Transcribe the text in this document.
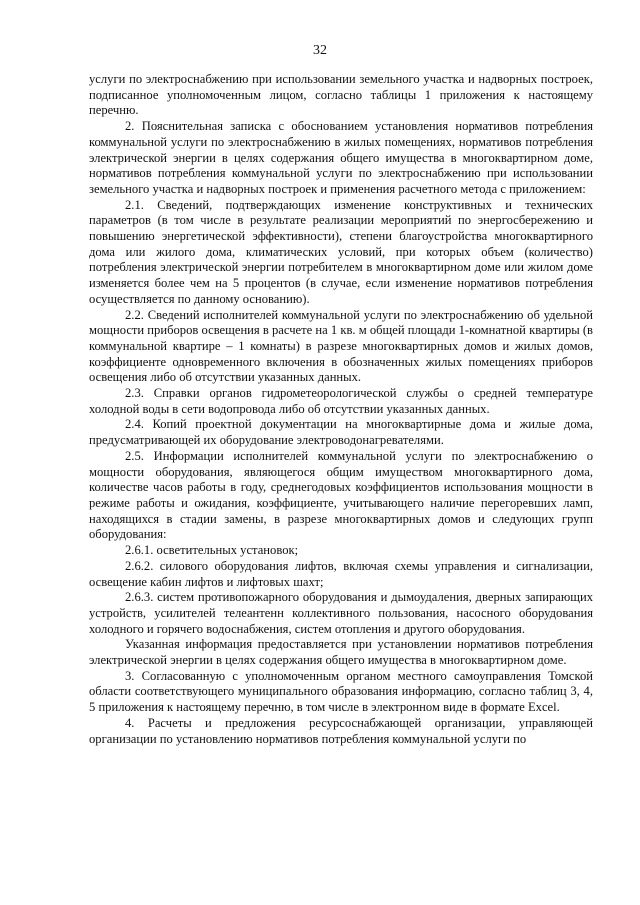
32

услуги по электроснабжению при использовании земельного участка и надворных построек, подписанное уполномоченным лицом, согласно таблицы 1 приложения к настоящему перечню.

2. Пояснительная записка с обоснованием установления нормативов потребления коммунальной услуги по электроснабжению в жилых помещениях, нормативов потребления электрической энергии в целях содержания общего имущества в многоквартирном доме, нормативов потребления коммунальной услуги по электроснабжению при использовании земельного участка и надворных построек и применения расчетного метода с приложением:

2.1. Сведений, подтверждающих изменение конструктивных и технических параметров (в том числе в результате реализации мероприятий по энергосбережению и повышению энергетической эффективности), степени благоустройства многоквартирного дома или жилого дома, климатических условий, при которых объем (количество) потребления электрической энергии потребителем в многоквартирном доме или жилом доме изменяется более чем на 5 процентов (в случае, если изменение нормативов потребления осуществляется по данному основанию).

2.2. Сведений исполнителей коммунальной услуги по электроснабжению об удельной мощности приборов освещения в расчете на 1 кв. м общей площади 1-комнатной квартиры (в коммунальной квартире – 1 комнаты) в разрезе многоквартирных домов и жилых домов, коэффициенте одновременного включения в обозначенных жилых помещениях приборов освещения либо об отсутствии указанных данных.

2.3. Справки органов гидрометеорологической службы о средней температуре холодной воды в сети водопровода либо об отсутствии указанных данных.

2.4. Копий проектной документации на многоквартирные дома и жилые дома, предусматривающей их оборудование электроводонагревателями.

2.5. Информации исполнителей коммунальной услуги по электроснабжению о мощности оборудования, являющегося общим имуществом многоквартирного дома, количестве часов работы в году, среднегодовых коэффициентов использования мощности в режиме работы и ожидания, коэффициенте, учитывающего наличие перегоревших ламп, находящихся в стадии замены, в разрезе многоквартирных домов и следующих групп оборудования:

2.6.1. осветительных установок;

2.6.2. силового оборудования лифтов, включая схемы управления и сигнализации, освещение кабин лифтов и лифтовых шахт;

2.6.3. систем противопожарного оборудования и дымоудаления, дверных запирающих устройств, усилителей телеантенн коллективного пользования, насосного оборудования холодного и горячего водоснабжения, систем отопления и другого оборудования.

Указанная информация предоставляется при установлении нормативов потребления электрической энергии в целях содержания общего имущества в многоквартирном доме.

3. Согласованную с уполномоченным органом местного самоуправления Томской области соответствующего муниципального образования информацию, согласно таблиц 3, 4, 5 приложения к настоящему перечню, в том числе в электронном виде в формате Excel.

4. Расчеты и предложения ресурсоснабжающей организации, управляющей организации по установлению нормативов потребления коммунальной услуги по
